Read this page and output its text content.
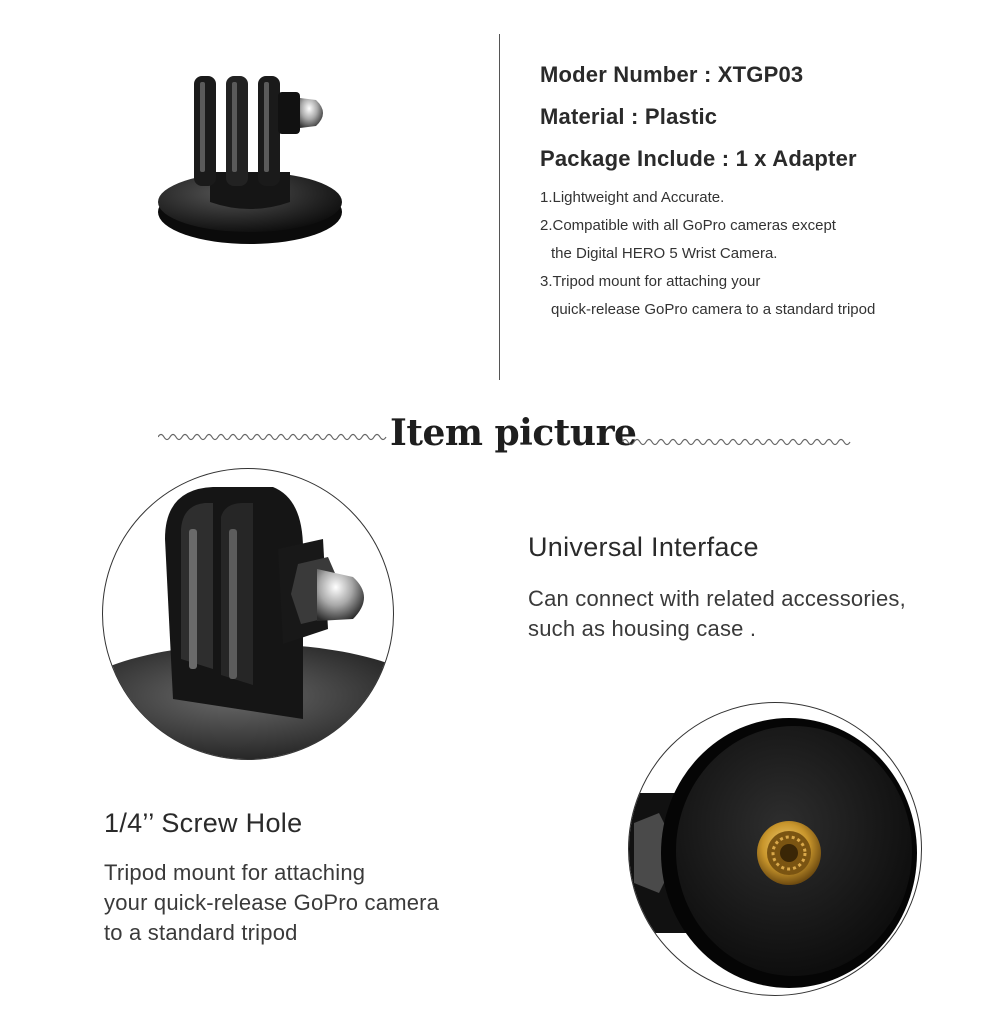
Moder Number : XTGP03
Material : Plastic
Package Include : 1 x Adapter
1.Lightweight and Accurate.
2.Compatible with all GoPro cameras except
the Digital HERO 5 Wrist Camera.
3.Tripod mount for attaching your
quick-release GoPro camera to a standard tripod
Item picture
Universal Interface
Can connect with related accessories,
such as housing case .
1/4’’ Screw Hole
Tripod mount for attaching
your quick-release GoPro camera
to a standard tripod
